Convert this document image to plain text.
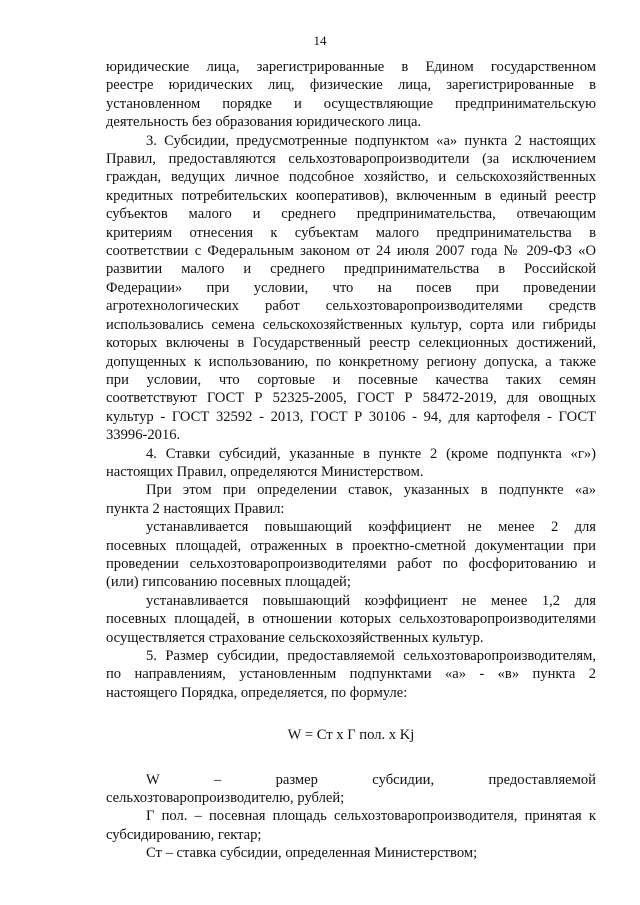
14

юридические лица, зарегистрированные в Едином государственном
реестре юридических лиц, физические лица, зарегистрированные в
установленном порядке и осуществляющие предпринимательскую
деятельность без образования юридического лица.

3. Субсидии, предусмотренные подпунктом «а» пункта 2 настоящих
Правил, предоставляются сельхозтоваропроизводители (за исключением
граждан, ведущих личное подсобное хозяйство, и сельскохозяйственных
кредитных потребительских кооперативов), включенным в единый реестр
субъектов малого и среднего предпринимательства, отвечающим
критериям отнесения к субъектам малого предпринимательства в
соответствии с Федеральным законом от 24 июля 2007 года № 209-ФЗ «О
развитии малого и среднего предпринимательства в Российской
Федерации» при условии, что на посев при проведении
агротехнологических работ сельхозтоваропроизводителями средств
использовались семена сельскохозяйственных культур, сорта или гибриды
которых включены в Государственный реестр селекционных достижений,
допущенных к использованию, по конкретному региону допуска, а также
при условии, что сортовые и посевные качества таких семян
соответствуют ГОСТ Р 52325-2005, ГОСТ Р 58472-2019, для овощных
культур - ГОСТ 32592 - 2013, ГОСТ Р 30106 - 94, для картофеля - ГОСТ
33996-2016.

4. Ставки субсидий, указанные в пункте 2 (кроме подпункта «г»)
настоящих Правил, определяются Министерством.

При этом при определении ставок, указанных в подпункте «а»
пункта 2 настоящих Правил:

устанавливается повышающий коэффициент не менее 2 для
посевных площадей, отраженных в проектно-сметной документации при
проведении сельхозтоваропроизводителями работ по фосфоритованию и
(или) гипсованию посевных площадей;

устанавливается повышающий коэффициент не менее 1,2 для
посевных площадей, в отношении которых сельхозтоваропроизводителями
осуществляется страхование сельскохозяйственных культур.

5. Размер субсидии, предоставляемой сельхозтоваропроизводителям,
по направлениям, установленным подпунктами «а» - «в» пункта 2
настоящего Порядка, определяется, по формуле:

W = Ст х Г пол. х Kj

W – размер субсидии, предоставляемой
сельхозтоваропроизводителю, рублей;

Г пол. – посевная площадь сельхозтоваропроизводителя, принятая к
субсидированию, гектар;

Ст – ставка субсидии, определенная Министерством;
